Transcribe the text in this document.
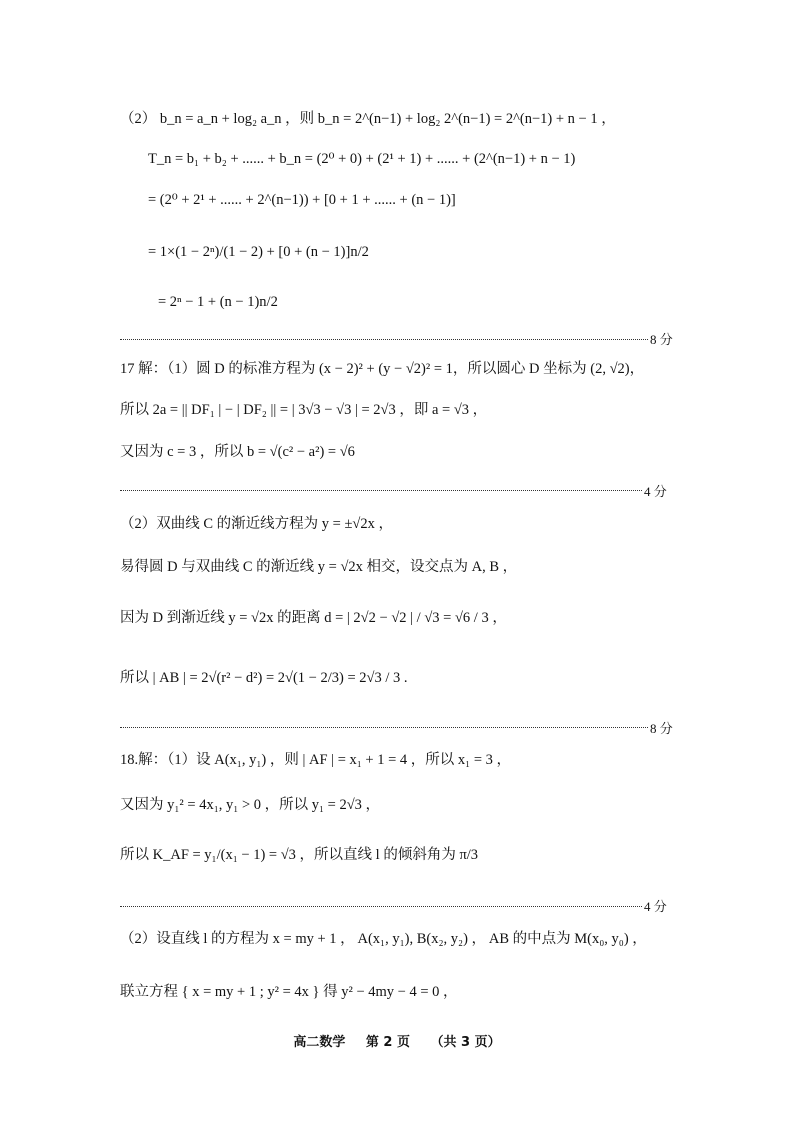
（2） b_n = a_n + log₂ a_n ，则 b_n = 2^(n−1) + log₂ 2^(n−1) = 2^(n−1) + n − 1 ，
T_n = b₁ + b₂ + ...... + b_n = (2⁰ + 0) + (2¹ + 1) + ...... + (2^(n−1) + n − 1)
= (2⁰ + 2¹ + ...... + 2^(n−1)) + [0 + 1 + ...... + (n − 1)]
= 1×(1 − 2ⁿ)/(1 − 2) + [0 + (n − 1)]n/2
= 2ⁿ − 1 + (n − 1)n/2
8 分
17 解：（1）圆 D 的标准方程为 (x − 2)² + (y − √2)² = 1，所以圆心 D 坐标为 (2, √2)，
所以 2a = || DF₁ | − | DF₂ || = | 3√3 − √3 | = 2√3 ，即 a = √3 ，
又因为 c = 3 ，所以 b = √(c² − a²) = √6
4 分
（2）双曲线 C 的渐近线方程为 y = ±√2x ，
易得圆 D 与双曲线 C 的渐近线 y = √2x 相交，设交点为 A, B ，
因为 D 到渐近线 y = √2x 的距离 d = | 2√2 − √2 | / √3 = √6 / 3 ，
所以 | AB | = 2√(r² − d²) = 2√(1 − 2/3) = 2√3 / 3 .
8 分
18.解：（1）设 A(x₁, y₁) ，则 | AF | = x₁ + 1 = 4 ，所以 x₁ = 3 ，
又因为 y₁² = 4x₁, y₁ > 0 ，所以 y₁ = 2√3 ，
所以 K_AF = y₁/(x₁ − 1) = √3 ，所以直线 l 的倾斜角为 π/3
4 分
（2）设直线 l 的方程为 x = my + 1 ， A(x₁, y₁), B(x₂, y₂) ， AB 的中点为 M(x₀, y₀) ，
联立方程 { x = my + 1 ; y² = 4x } 得 y² − 4my − 4 = 0 ，
高二数学 第 2 页 （共 3 页）
